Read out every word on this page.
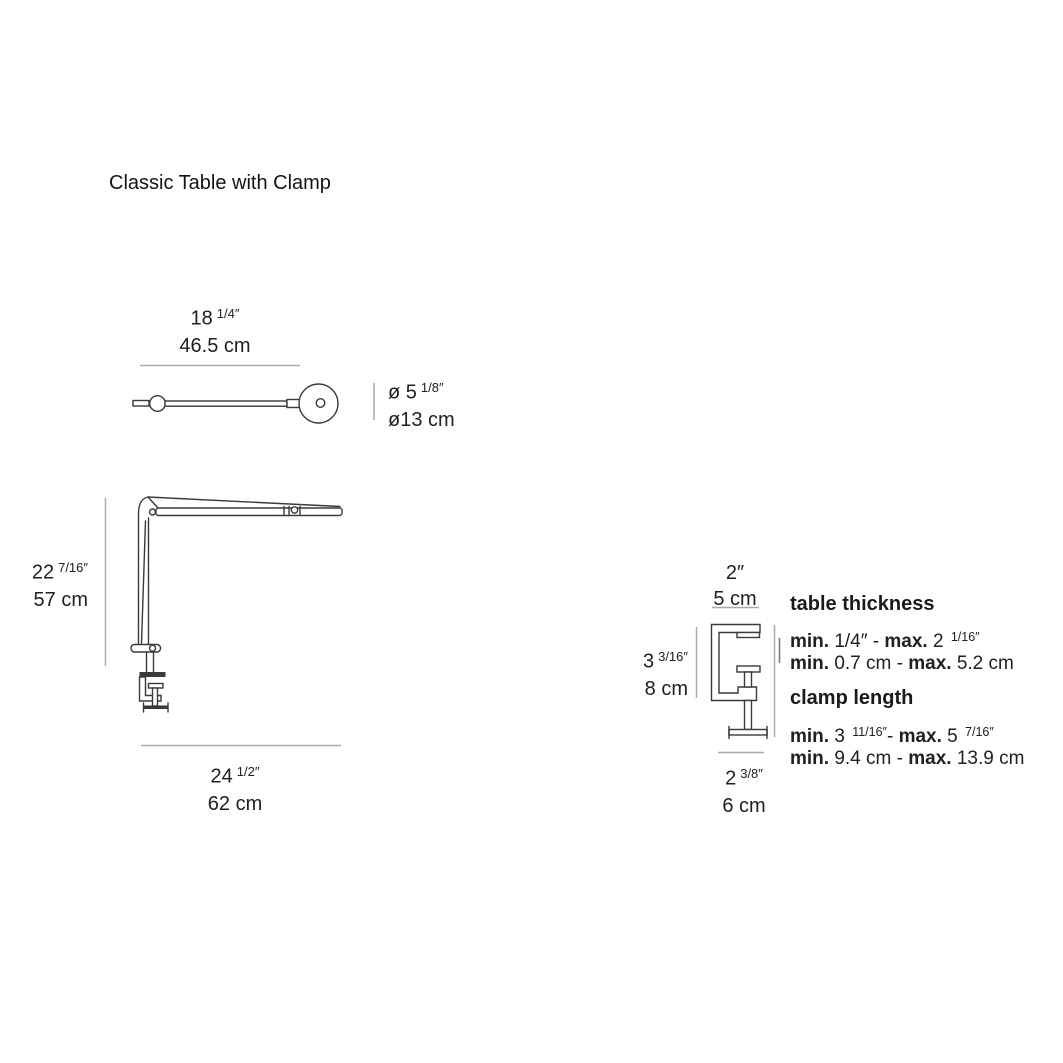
Classic Table with Clamp
18 $^{1/4''}$
46.5 cm
ø 5 $^{1/8''}$
ø13 cm
22 $^{7/16''}$
57 cm
24 $^{1/2''}$
62 cm
2″
5 cm
3 $^{3/16''}$
8 cm
2 $^{3/8''}$
6 cm
table thickness
min. 1/4″ - max. 2 $^{1/16''}$
min. 0.7 cm - max. 5.2 cm
clamp length
min. 3 $^{11/16''}$- max. 5 $^{7/16''}$
min. 9.4 cm - max. 13.9 cm
